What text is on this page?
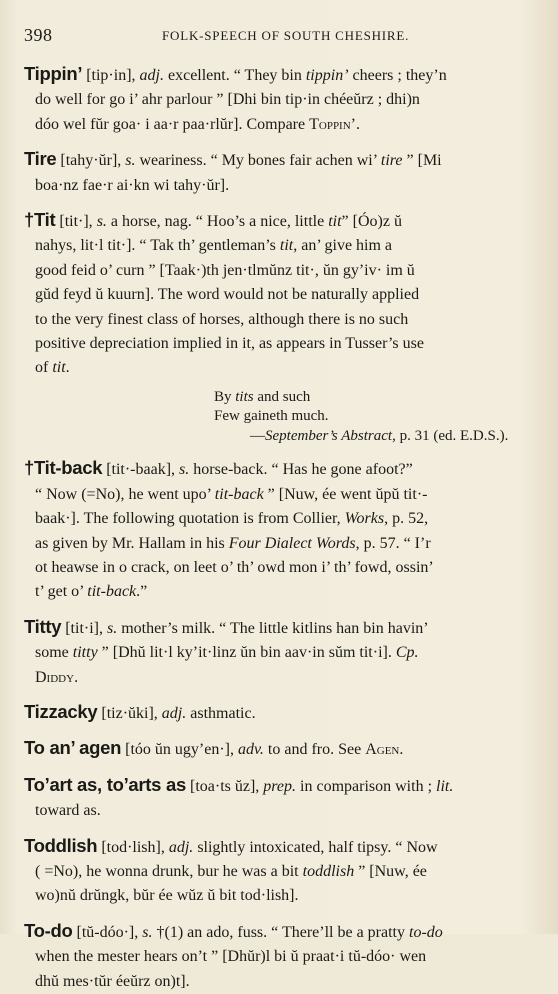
398	FOLK-SPEECH OF SOUTH CHESHIRE.
Tippin’ [tip·in], adj. excellent. “ They bin tippin’ cheers ; they’n
do well for go i’ ahr parlour ” [Dhi bin tip·in chéeŭrz ; dhi)n
dóo wel fŭr goa· i aa·r paa·rlŭr]. Compare Toppin’.
Tire [tahy·ŭr], s. weariness. “ My bones fair achen wi’ tire ” [Mi
boa·nz fae·r ai·kn wi tahy·ŭr].
†Tit [tit·], s. a horse, nag. “ Hoo’s a nice, little tit” [Óo)z ŭ
nahys, lit·l tit·]. “ Tak th’ gentleman’s tit, an’ give him a
good feid o’ curn ” [Taak·)th jen·tlmŭnz tit·, ŭn gy’iv· im ŭ
gŭd feyd ŭ kuurn]. The word would not be naturally applied
to the very finest class of horses, although there is no such
positive depreciation implied in it, as appears in Tusser’s use
of tit.
By tits and such
Few gaineth much.
—September’s Abstract, p. 31 (ed. E.D.S.).
†Tit-back [tit·-baak], s. horse-back. “ Has he gone afoot?”
“ Now (=No), he went upo’ tit-back ” [Nuw, ée went ŭpŭ tit·-
baak·]. The following quotation is from Collier, Works, p. 52,
as given by Mr. Hallam in his Four Dialect Words, p. 57. “ I’r
ot heawse in o crack, on leet o’ th’ owd mon i’ th’ fowd, ossin’
t’ get o’ tit-back.”
Titty [tit·i], s. mother’s milk. “ The little kitlins han bin havin’
some titty ” [Dhŭ lit·l ky’it·linz ŭn bin aav·in sŭm tit·i]. Cp.
Diddy.
Tizzacky [tiz·ŭki], adj. asthmatic.
To an’ agen [tóo ŭn ugy’en·], adv. to and fro. See Agen.
To’art as, to’arts as [toa·ts ŭz], prep. in comparison with ; lit.
toward as.
Toddlish [tod·lish], adj. slightly intoxicated, half tipsy. “ Now
( =No), he wonna drunk, bur he was a bit toddlish ” [Nuw, ée
wo)nŭ drŭngk, bŭr ée wŭz ŭ bit tod·lish].
To-do [tŭ-dóo·], s. †(1) an ado, fuss. “ There’ll be a pratty to-do
when the mester hears on’t ” [Dhŭr)l bi ŭ praat·i tŭ-dóo· wen
dhŭ mes·tŭr éeŭrz on)t].
